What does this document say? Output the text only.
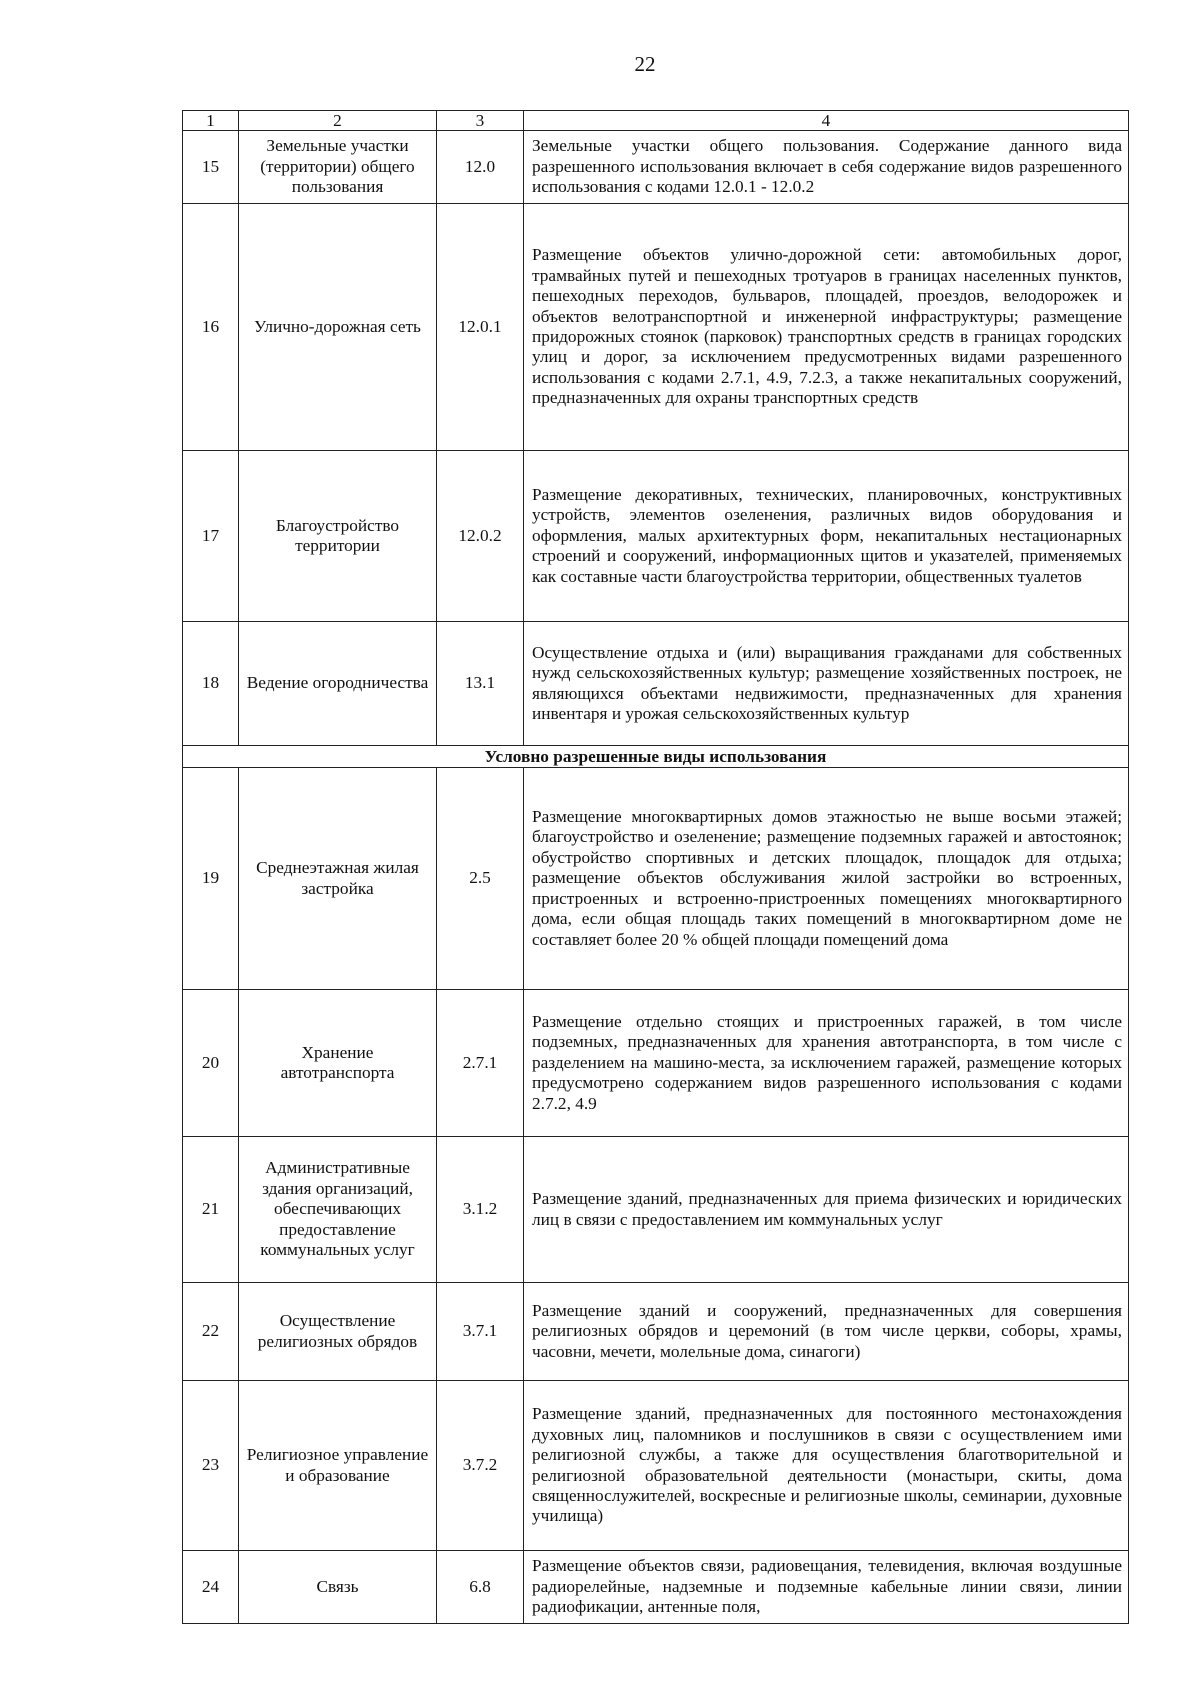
22
1	2	3	4
15	Земельные участки (территории) общего пользования	12.0	Земельные участки общего пользования. Содержание данного вида разрешенного использования включает в себя содержание видов разрешенного использования с кодами 12.0.1 - 12.0.2
16	Улично-дорожная сеть	12.0.1	Размещение объектов улично-дорожной сети: автомобильных дорог, трамвайных путей и пешеходных тротуаров в границах населенных пунктов, пешеходных переходов, бульваров, площадей, проездов, велодорожек и объектов велотранспортной и инженерной инфраструктуры; размещение придорожных стоянок (парковок) транспортных средств в границах городских улиц и дорог, за исключением предусмотренных видами разрешенного использования с кодами 2.7.1, 4.9, 7.2.3, а также некапитальных сооружений, предназначенных для охраны транспортных средств
17	Благоустройство территории	12.0.2	Размещение декоративных, технических, планировочных, конструктивных устройств, элементов озеленения, различных видов оборудования и оформления, малых архитектурных форм, некапитальных нестационарных строений и сооружений, информационных щитов и указателей, применяемых как составные части благоустройства территории, общественных туалетов
18	Ведение огородничества	13.1	Осуществление отдыха и (или) выращивания гражданами для собственных нужд сельскохозяйственных культур; размещение хозяйственных построек, не являющихся объектами недвижимости, предназначенных для хранения инвентаря и урожая сельскохозяйственных культур
Условно разрешенные виды использования			
19	Среднеэтажная жилая застройка	2.5	Размещение многоквартирных домов этажностью не выше восьми этажей; благоустройство и озеленение; размещение подземных гаражей и автостоянок; обустройство спортивных и детских площадок, площадок для отдыха; размещение объектов обслуживания жилой застройки во встроенных, пристроенных и встроенно-пристроенных помещениях многоквартирного дома, если общая площадь таких помещений в многоквартирном доме не составляет более 20 % общей площади помещений дома
20	Хранение автотранспорта	2.7.1	Размещение отдельно стоящих и пристроенных гаражей, в том числе подземных, предназначенных для хранения автотранспорта, в том числе с разделением на машино-места, за исключением гаражей, размещение которых предусмотрено содержанием видов разрешенного использования с кодами 2.7.2, 4.9
21	Административные здания организаций, обеспечивающих предоставление коммунальных услуг	3.1.2	Размещение зданий, предназначенных для приема физических и юридических лиц в связи с предоставлением им коммунальных услуг
22	Осуществление религиозных обрядов	3.7.1	Размещение зданий и сооружений, предназначенных для совершения религиозных обрядов и церемоний (в том числе церкви, соборы, храмы, часовни, мечети, молельные дома, синагоги)
23	Религиозное управление и образование	3.7.2	Размещение зданий, предназначенных для постоянного местонахождения духовных лиц, паломников и послушников в связи с осуществлением ими религиозной службы, а также для осуществления благотворительной и религиозной образовательной деятельности (монастыри, скиты, дома священнослужителей, воскресные и религиозные школы, семинарии, духовные училища)
24	Связь	6.8	Размещение объектов связи, радиовещания, телевидения, включая воздушные радиорелейные, надземные и подземные кабельные линии связи, линии радиофикации, антенные поля,
